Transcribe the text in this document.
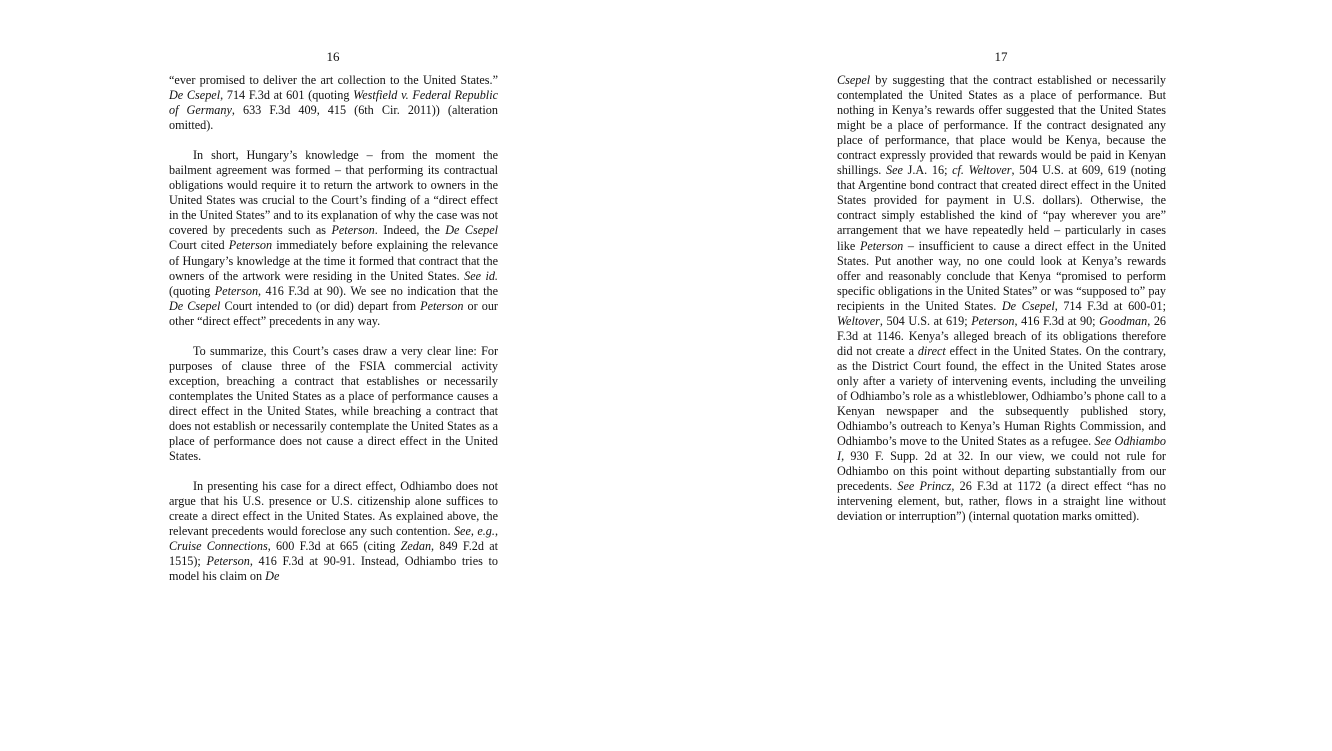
16

“ever promised to deliver the art collection to the United States.” De Csepel, 714 F.3d at 601 (quoting Westfield v. Federal Republic of Germany, 633 F.3d 409, 415 (6th Cir. 2011)) (alteration omitted).

In short, Hungary’s knowledge – from the moment the bailment agreement was formed – that performing its contractual obligations would require it to return the artwork to owners in the United States was crucial to the Court’s finding of a “direct effect in the United States” and to its explanation of why the case was not covered by precedents such as Peterson. Indeed, the De Csepel Court cited Peterson immediately before explaining the relevance of Hungary’s knowledge at the time it formed that contract that the owners of the artwork were residing in the United States. See id. (quoting Peterson, 416 F.3d at 90). We see no indication that the De Csepel Court intended to (or did) depart from Peterson or our other “direct effect” precedents in any way.

To summarize, this Court’s cases draw a very clear line: For purposes of clause three of the FSIA commercial activity exception, breaching a contract that establishes or necessarily contemplates the United States as a place of performance causes a direct effect in the United States, while breaching a contract that does not establish or necessarily contemplate the United States as a place of performance does not cause a direct effect in the United States.

In presenting his case for a direct effect, Odhiambo does not argue that his U.S. presence or U.S. citizenship alone suffices to create a direct effect in the United States. As explained above, the relevant precedents would foreclose any such contention. See, e.g., Cruise Connections, 600 F.3d at 665 (citing Zedan, 849 F.2d at 1515); Peterson, 416 F.3d at 90-91. Instead, Odhiambo tries to model his claim on De

17

Csepel by suggesting that the contract established or necessarily contemplated the United States as a place of performance. But nothing in Kenya’s rewards offer suggested that the United States might be a place of performance. If the contract designated any place of performance, that place would be Kenya, because the contract expressly provided that rewards would be paid in Kenyan shillings. See J.A. 16; cf. Weltover, 504 U.S. at 609, 619 (noting that Argentine bond contract that created direct effect in the United States provided for payment in U.S. dollars). Otherwise, the contract simply established the kind of “pay wherever you are” arrangement that we have repeatedly held – particularly in cases like Peterson – insufficient to cause a direct effect in the United States. Put another way, no one could look at Kenya’s rewards offer and reasonably conclude that Kenya “promised to perform specific obligations in the United States” or was “supposed to” pay recipients in the United States. De Csepel, 714 F.3d at 600-01; Weltover, 504 U.S. at 619; Peterson, 416 F.3d at 90; Goodman, 26 F.3d at 1146. Kenya’s alleged breach of its obligations therefore did not create a direct effect in the United States. On the contrary, as the District Court found, the effect in the United States arose only after a variety of intervening events, including the unveiling of Odhiambo’s role as a whistleblower, Odhiambo’s phone call to a Kenyan newspaper and the subsequently published story, Odhiambo’s outreach to Kenya’s Human Rights Commission, and Odhiambo’s move to the United States as a refugee. See Odhiambo I, 930 F. Supp. 2d at 32. In our view, we could not rule for Odhiambo on this point without departing substantially from our precedents. See Princz, 26 F.3d at 1172 (a direct effect “has no intervening element, but, rather, flows in a straight line without deviation or interruption”) (internal quotation marks omitted).
